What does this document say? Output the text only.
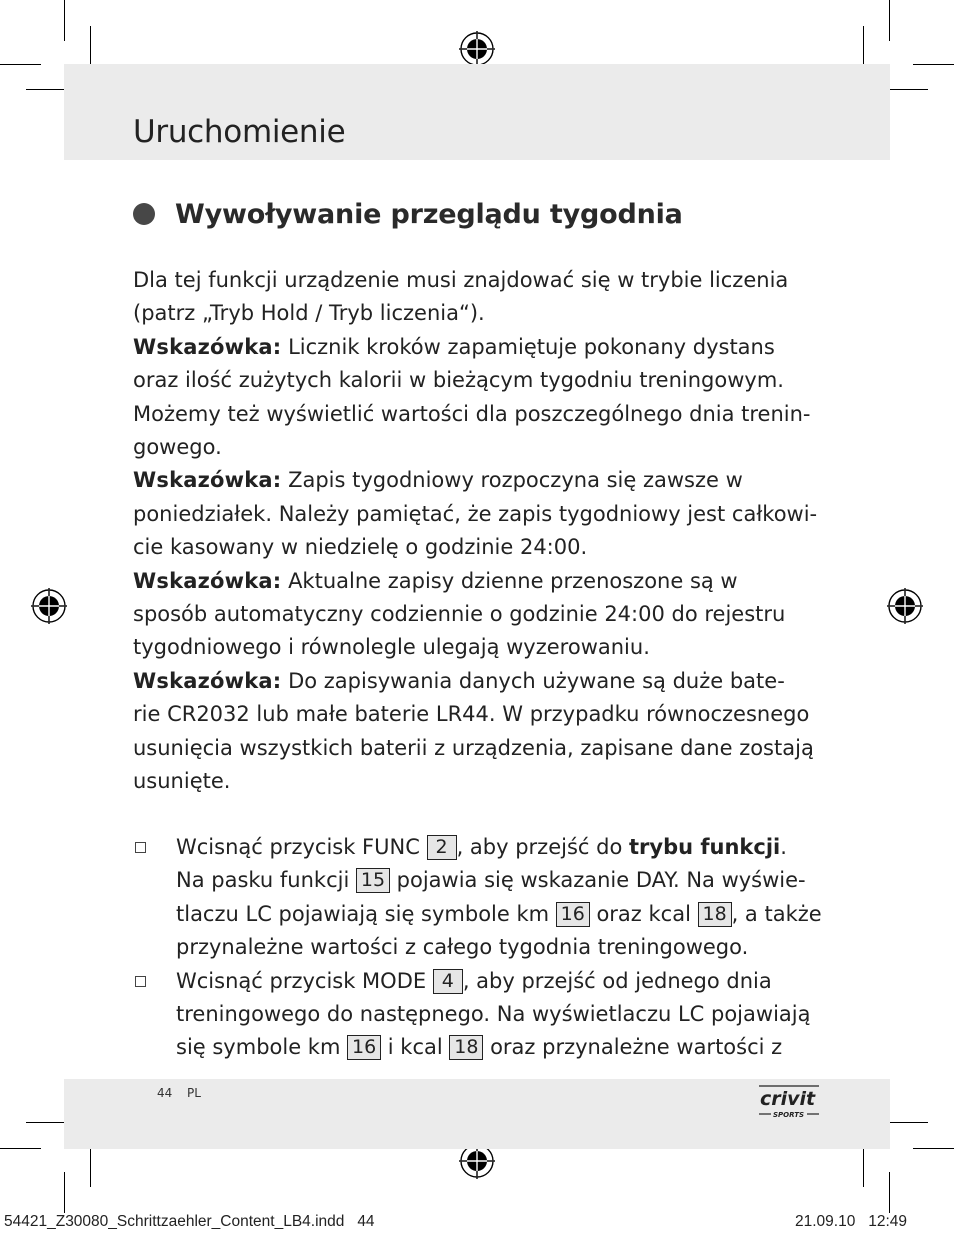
Uruchomienie
Wywoływanie przeglądu tygodnia

Dla tej funkcji urządzenie musi znajdować się w trybie liczenia

(patrz „Tryb Hold / Tryb liczenia“).

Wskazówka: Licznik kroków zapamiętuje pokonany dystans

oraz ilość zużytych kalorii w bieżącym tygodniu treningowym.

Możemy też wyświetlić wartości dla poszczególnego dnia trenin-

gowego.

Wskazówka: Zapis tygodniowy rozpoczyna się zawsze w

poniedziałek. Należy pamiętać, że zapis tygodniowy jest całkowi-

cie kasowany w niedzielę o godzinie 24:00.

Wskazówka: Aktualne zapisy dzienne przenoszone są w

sposób automatyczny codziennie o godzinie 24:00 do rejestru

tygodniowego i równolegle ulegają wyzerowaniu.

Wskazówka: Do zapisywania danych używane są duże bate-

rie CR2032 lub małe baterie LR44. W przypadku równoczesnego

usunięcia wszystkich baterii z urządzenia, zapisane dane zostają

usunięte.

Wcisnąć przycisk FUNC 2 , aby przejść do trybu funkcji.

Na pasku funkcji 15 pojawia się wskazanie DAY. Na wyświe-

tlaczu LC pojawiają się symbole km 16 oraz kcal 18 , a także

przynależne wartości z całego tygodnia treningowego.

Wcisnąć przycisk MODE 4 , aby przejść od jednego dnia

treningowego do następnego. Na wyświetlaczu LC pojawiają

się symbole km 16 i kcal 18 oraz przynależne wartości z

44 PL	crivit
SPORTS
54421_Z30080_Schrittzaehler_Content_LB4.indd   44	21.09.10   12:49
